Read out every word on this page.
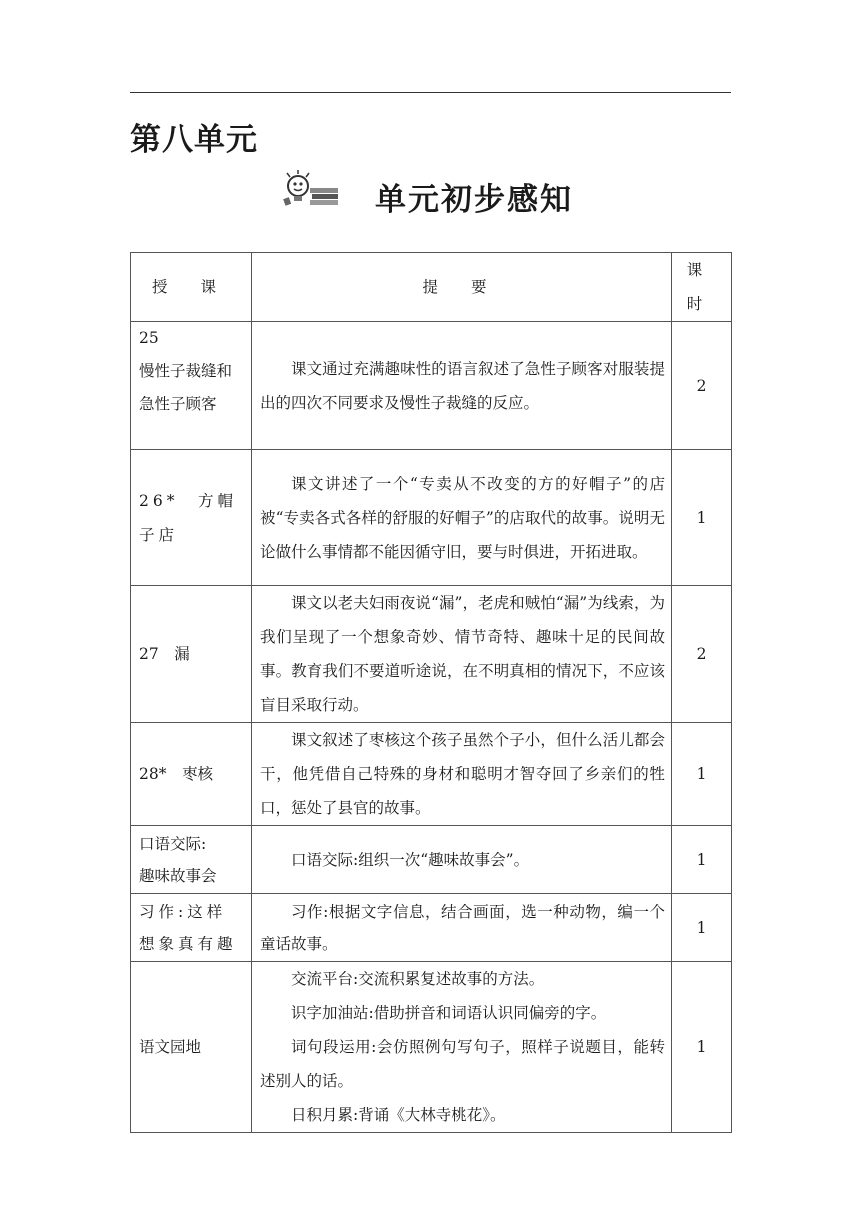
第八单元
单元初步感知
授 课	提 要	课 时

25
慢性子裁缝和
急性子顾客	课文通过充满趣味性的语言叙述了急性子顾客对服装提出的四次不同要求及慢性子裁缝的反应。	2

26*　方帽子店	课文讲述了一个“专卖从不改变的方的好帽子”的店被“专卖各式各样的舒服的好帽子”的店取代的故事。说明无论做什么事情都不能因循守旧，要与时俱进，开拓进取。	1

27　漏	课文以老夫妇雨夜说“漏”，老虎和贼怕“漏”为线索，为我们呈现了一个想象奇妙、情节奇特、趣味十足的民间故事。教育我们不要道听途说，在不明真相的情况下，不应该盲目采取行动。	2

28*　枣核	课文叙述了枣核这个孩子虽然个子小，但什么活儿都会干，他凭借自己特殊的身材和聪明才智夺回了乡亲们的牲口，惩处了县官的故事。	1

口语交际:
趣味故事会	口语交际:组织一次“趣味故事会”。	1

习作:这样想象真有趣	习作:根据文字信息，结合画面，选一种动物，编一个童话故事。	1

语文园地	交流平台:交流积累复述故事的方法。
识字加油站:借助拼音和词语认识同偏旁的字。
词句段运用:会仿照例句写句子，照样子说题目，能转述别人的话。
日积月累:背诵《大林寺桃花》。	1
